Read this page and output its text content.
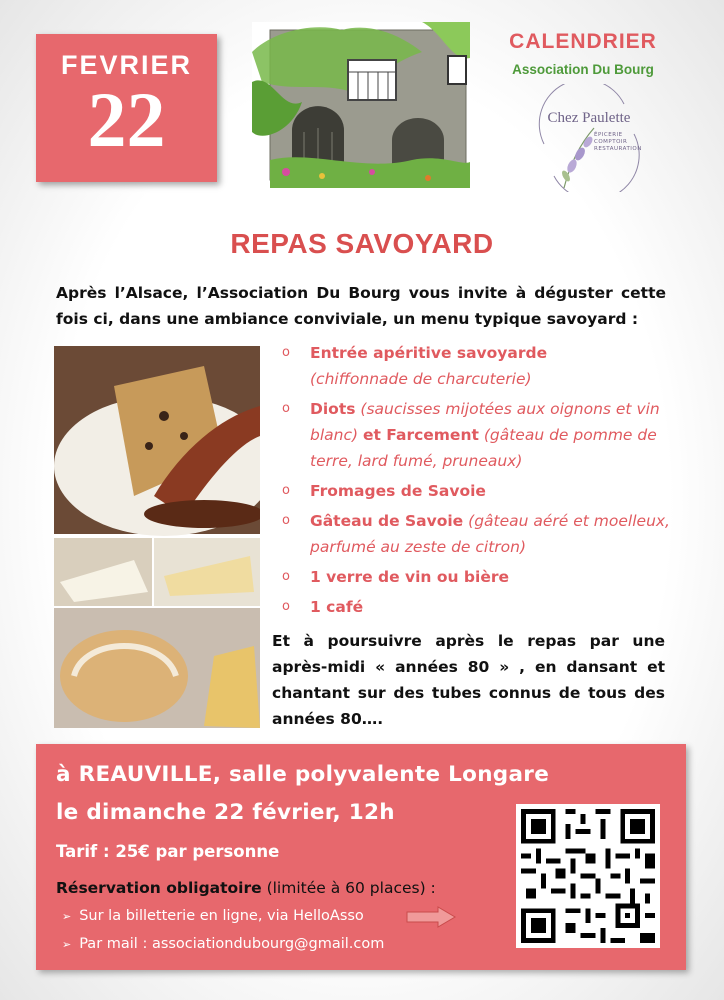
FEVRIER
22
CALENDRIER
Association Du Bourg
Chez Paulette
ÉPICERIE
COMPTOIR
RESTAURATION
REPAS SAVOYARD
Après l’Alsace, l’Association Du Bourg vous invite à déguster cette fois ci, dans une ambiance conviviale, un menu typique savoyard :
o Entrée apéritive savoyarde
(chiffonnade de charcuterie)
o Diots (saucisses mijotées aux oignons et vin blanc) et Farcement (gâteau de pomme de terre, lard fumé, pruneaux)
o Fromages de Savoie
o Gâteau de Savoie (gâteau aéré et moelleux, parfumé au zeste de citron)
o 1 verre de vin ou bière
o 1 café
Et à poursuivre après le repas par une après-midi « années 80 » , en dansant et chantant sur des tubes connus de tous des années 80….
à REAUVILLE, salle polyvalente Longare
le dimanche 22 février, 12h
Tarif : 25€ par personne
Réservation obligatoire (limitée à 60 places) :
➢ Sur la billetterie en ligne, via HelloAsso
➢ Par mail : associationdubourg@gmail.com
